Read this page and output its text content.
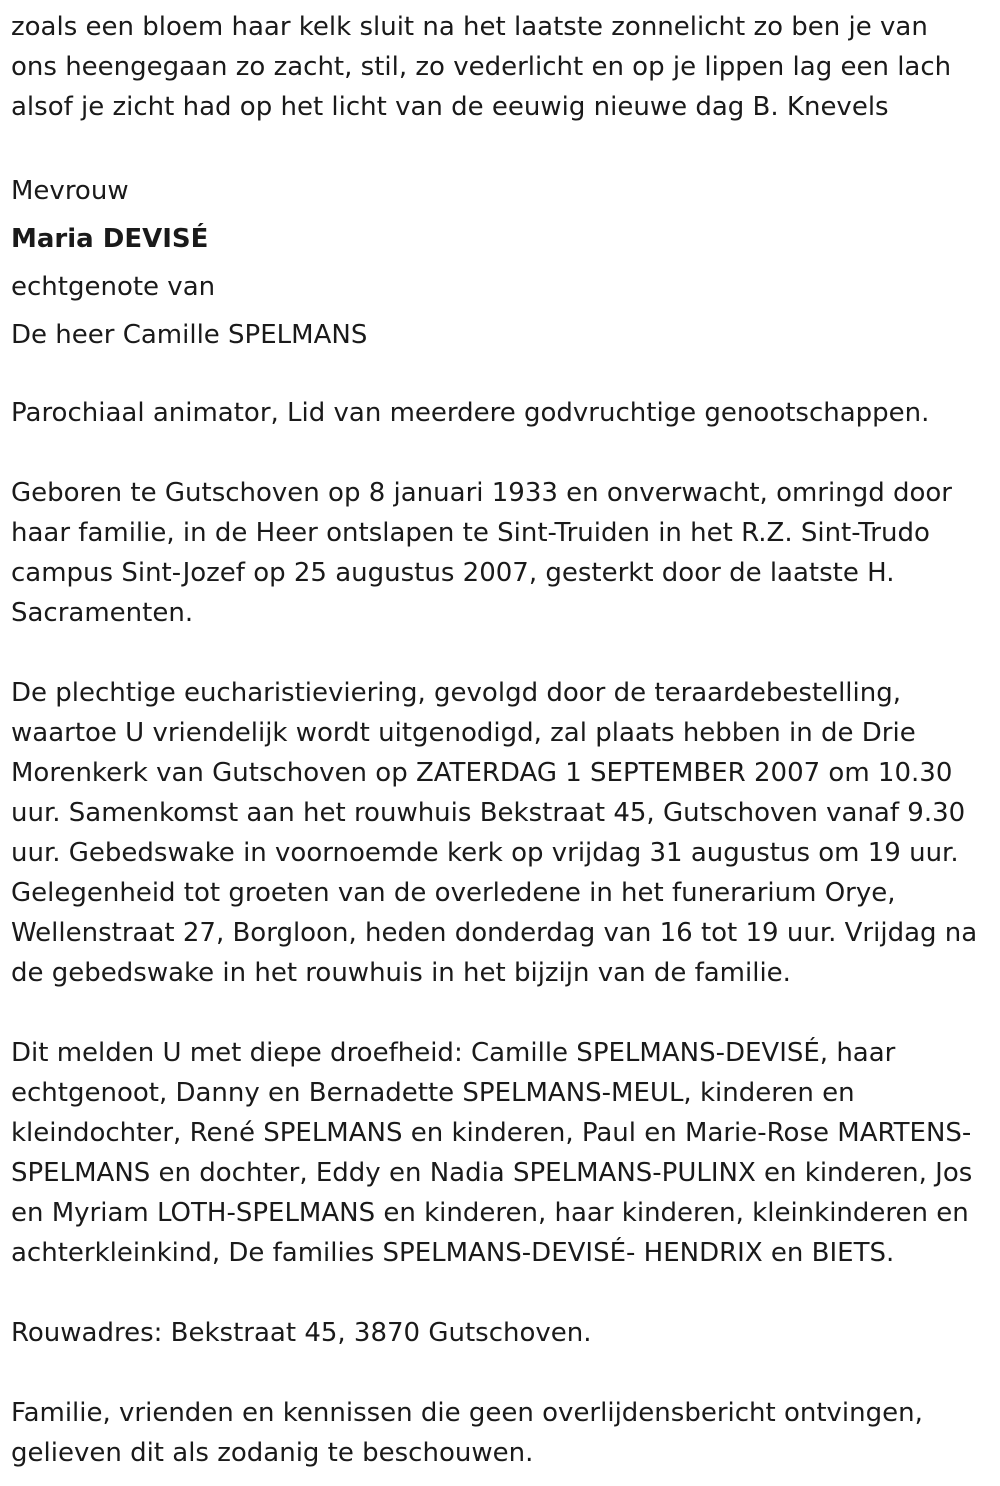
zoals een bloem haar kelk sluit na het laatste zonnelicht zo ben je van
ons heengegaan zo zacht, stil, zo vederlicht en op je lippen lag een lach
alsof je zicht had op het licht van de eeuwig nieuwe dag B. Knevels

Mevrouw

Maria DEVISÉ

echtgenote van

De heer Camille SPELMANS

Parochiaal animator, Lid van meerdere godvruchtige genootschappen.

Geboren te Gutschoven op 8 januari 1933 en onverwacht, omringd door
haar familie, in de Heer ontslapen te Sint-Truiden in het R.Z. Sint-Trudo
campus Sint-Jozef op 25 augustus 2007, gesterkt door de laatste H.
Sacramenten.

De plechtige eucharistieviering, gevolgd door de teraardebestelling,
waartoe U vriendelijk wordt uitgenodigd, zal plaats hebben in de Drie
Morenkerk van Gutschoven op ZATERDAG 1 SEPTEMBER 2007 om 10.30
uur. Samenkomst aan het rouwhuis Bekstraat 45, Gutschoven vanaf 9.30
uur. Gebedswake in voornoemde kerk op vrijdag 31 augustus om 19 uur.
Gelegenheid tot groeten van de overledene in het funerarium Orye,
Wellenstraat 27, Borgloon, heden donderdag van 16 tot 19 uur. Vrijdag na
de gebedswake in het rouwhuis in het bijzijn van de familie.

Dit melden U met diepe droefheid: Camille SPELMANS-DEVISÉ, haar
echtgenoot, Danny en Bernadette SPELMANS-MEUL, kinderen en
kleindochter, René SPELMANS en kinderen, Paul en Marie-Rose MARTENS-
SPELMANS en dochter, Eddy en Nadia SPELMANS-PULINX en kinderen, Jos
en Myriam LOTH-SPELMANS en kinderen, haar kinderen, kleinkinderen en
achterkleinkind, De families SPELMANS-DEVISÉ- HENDRIX en BIETS.

Rouwadres: Bekstraat 45, 3870 Gutschoven.

Familie, vrienden en kennissen die geen overlijdensbericht ontvingen,
gelieven dit als zodanig te beschouwen.
